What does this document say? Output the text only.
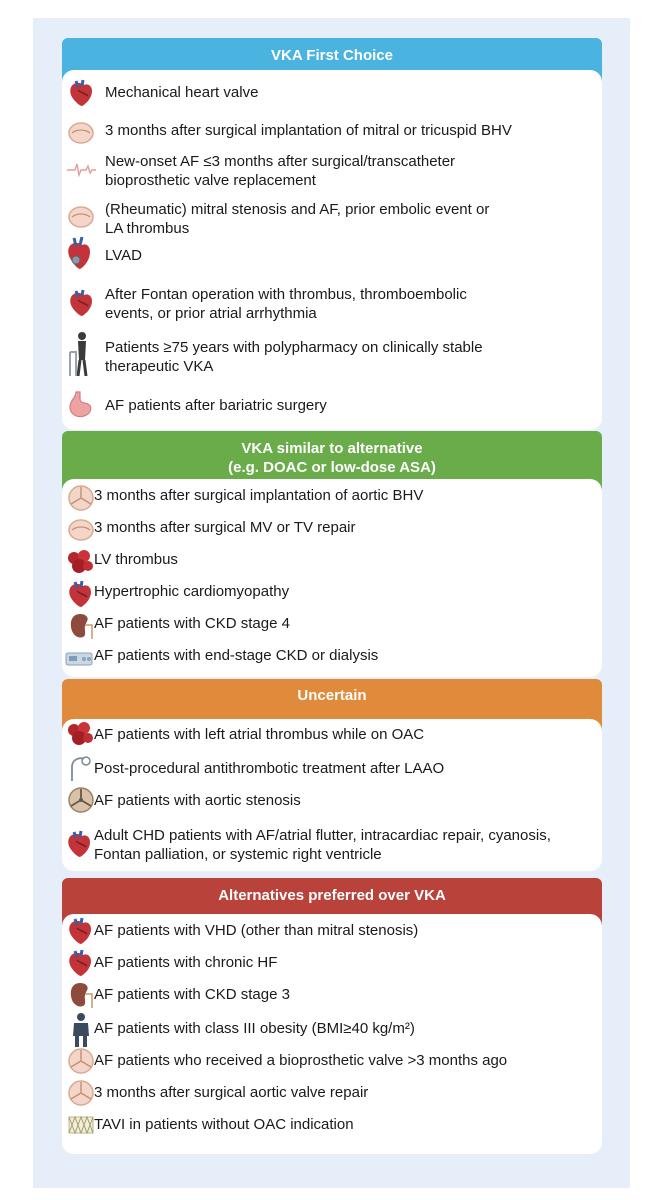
VKA First Choice
Mechanical heart valve
3 months after surgical implantation of mitral or tricuspid BHV
New-onset AF ≤3 months after surgical/transcatheter
bioprosthetic valve replacement
(Rheumatic) mitral stenosis and AF, prior embolic event or
LA thrombus
LVAD
After Fontan operation with thrombus, thromboembolic
events, or prior atrial arrhythmia
Patients ≥75 years with polypharmacy on clinically stable
therapeutic VKA
AF patients after bariatric surgery
VKA similar to alternative
(e.g. DOAC or low-dose ASA)
3 months after surgical implantation of aortic BHV
3 months after surgical MV or TV repair
LV thrombus
Hypertrophic cardiomyopathy
AF patients with CKD stage 4
AF patients with end-stage CKD or dialysis
Uncertain
AF patients with left atrial thrombus while on OAC
Post-procedural antithrombotic treatment after LAAO
AF patients with aortic stenosis
Adult CHD patients with AF/atrial flutter, intracardiac repair, cyanosis,
Fontan palliation, or systemic right ventricle
Alternatives preferred over VKA
AF patients with VHD (other than mitral stenosis)
AF patients with chronic HF
AF patients with CKD stage 3
AF patients with class III obesity (BMI≥40 kg/m²)
AF patients who received a bioprosthetic valve >3 months ago
3 months after surgical aortic valve repair
TAVI in patients without OAC indication
